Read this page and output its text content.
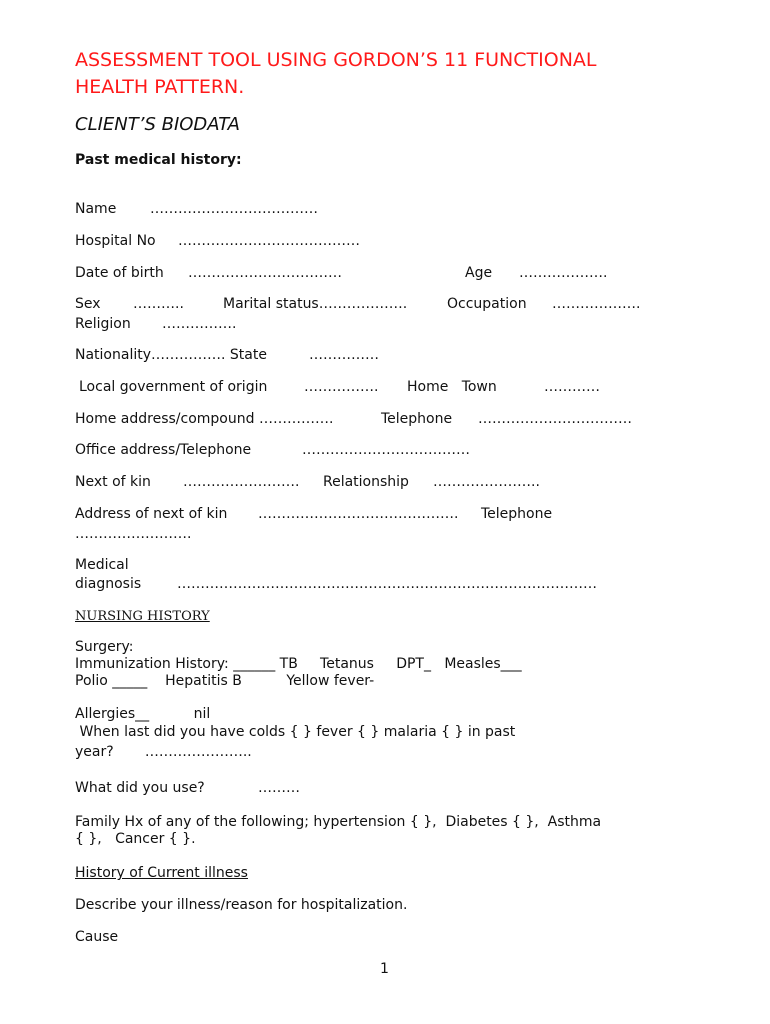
ASSESSMENT TOOL USING GORDON’S 11 FUNCTIONAL
HEALTH PATTERN.
CLIENT’S BIODATA
Past medical history:
Name ………………………………
Hospital No …………………………………
Date of birth ……………………………	Age ……………….
Sex ………..	Marital status……………….	Occupation ……………….
Religion …………….
Nationality……………. State	……………
Local government of origin	……………. Home   Town	…………
Home address/compound …………….	Telephone ……………………………
Office address/Telephone	………………………………
Next of kin ……………………. Relationship …………………..
Address of next of kin ……………………………………. Telephone
…………………….
Medical
diagnosis	………………………………………………………………………………
NURSING HISTORY
Surgery:
Immunization History: ______ TB     Tetanus     DPT_   Measles___
Polio _____    Hepatitis B          Yellow fever-
Allergies__          nil
When last did you have colds { } fever { } malaria { } in past
year?       …………………..
What did you use?	………
Family Hx of any of the following; hypertension { },  Diabetes { },  Asthma
{ },   Cancer { }.
History of Current illness
Describe your illness/reason for hospitalization.
Cause
1
